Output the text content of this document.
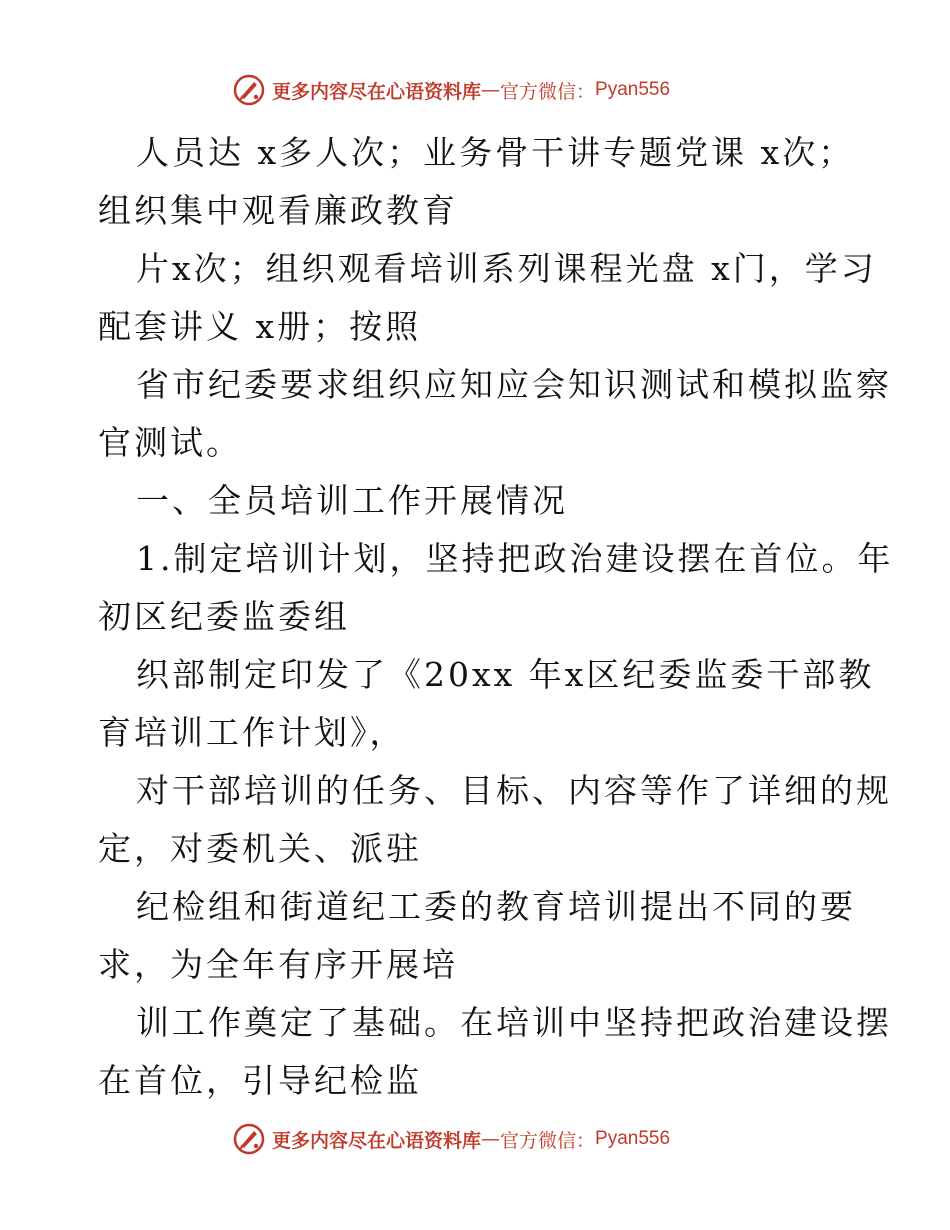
更多内容尽在心语资料库 — 官方微信： Pyan556
人员达 x多人次；业务骨干讲专题党课 x次；
组织集中观看廉政教育
片x次；组织观看培训系列课程光盘 x门，学习
配套讲义 x册；按照
省市纪委要求组织应知应会知识测试和模拟监察
官测试。
一、全员培训工作开展情况
1.制定培训计划，坚持把政治建设摆在首位。年
初区纪委监委组
织部制定印发了《20xx 年x区纪委监委干部教
育培训工作计划》，
对干部培训的任务、目标、内容等作了详细的规
定，对委机关、派驻
纪检组和街道纪工委的教育培训提出不同的要
求，为全年有序开展培
训工作奠定了基础。在培训中坚持把政治建设摆
在首位，引导纪检监
更多内容尽在心语资料库 — 官方微信： Pyan556
